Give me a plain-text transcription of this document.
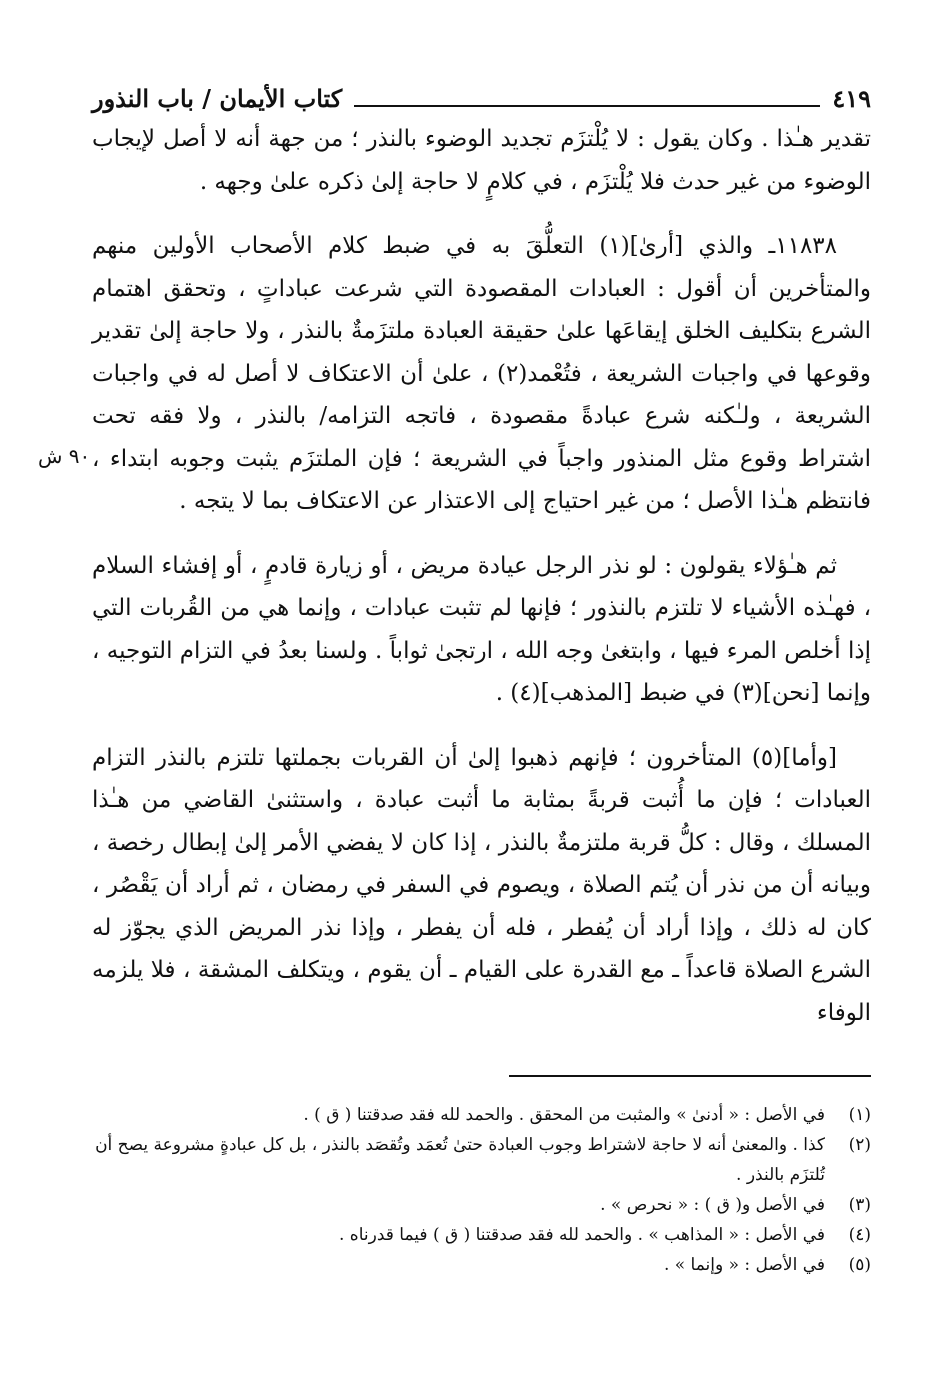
كتاب الأيمان / باب النذور	٤١٩

تقدير هـٰذا . وكان يقول : لا يُلْتزَم تجديد الوضوء بالنذر ؛ من جهة أنه لا أصل لإيجاب الوضوء من غير حدث فلا يُلْتزَم ، في كلامٍ لا حاجة إلىٰ ذكره علىٰ وجهه .

١١٨٣٨ـ والذي [أرىٰ](١) التعلُّقَ به في ضبط كلام الأصحاب الأولين منهم والمتأخرين أن أقول : العبادات المقصودة التي شرعت عباداتٍ ، وتحقق اهتمام الشرع بتكليف الخلق إيقاعَها علىٰ حقيقة العبادة ملتزَمةٌ بالنذر ، ولا حاجة إلىٰ تقدير وقوعها في واجبات الشريعة ، فتُعْمد(٢) ، علىٰ أن الاعتكاف لا أصل له في واجبات الشريعة ، ولـٰكنه شرع عبادةً مقصودة ، فاتجه التزامه/ بالنذر ، ولا فقه تحت اشتراط وقوع مثل المنذور واجباً في الشريعة ؛ فإن الملتزَم يثبت وجوبه ابتداء ، فانتظم هـٰذا الأصل ؛ من غير احتياج إلى الاعتذار عن الاعتكاف بما لا يتجه .

ثم هـٰؤلاء يقولون : لو نذر الرجل عيادة مريض ، أو زيارة قادمٍ ، أو إفشاء السلام ، فهـٰذه الأشياء لا تلتزم بالنذور ؛ فإنها لم تثبت عبادات ، وإنما هي من القُربات التي إذا أخلص المرء فيها ، وابتغىٰ وجه الله ، ارتجىٰ ثواباً . ولسنا بعدُ في التزام التوجيه ، وإنما [نحن](٣) في ضبط [المذهب](٤) .

[وأما](٥) المتأخرون ؛ فإنهم ذهبوا إلىٰ أن القربات بجملتها تلتزم بالنذر التزام العبادات ؛ فإن ما أُثبت قربةً بمثابة ما أثبت عبادة ، واستثنىٰ القاضي من هـٰذا المسلك ، وقال : كلُّ قربة ملتزمةٌ بالنذر ، إذا كان لا يفضي الأمر إلىٰ إبطال رخصة ، وبيانه أن من نذر أن يُتم الصلاة ، ويصوم في السفر في رمضان ، ثم أراد أن يَقْصُر ، كان له ذلك ، وإذا أراد أن يُفطر ، فله أن يفطر ، وإذا نذر المريض الذي يجوّز له الشرع الصلاة قاعداً ـ مع القدرة على القيام ـ أن يقوم ، ويتكلف المشقة ، فلا يلزمه الوفاء

٩٠ ش
(١)
في الأصل : « أدنىٰ » والمثبت من المحقق . والحمد لله فقد صدقتنا ( ق ) .
(٢)
كذا . والمعنىٰ أنه لا حاجة لاشتراط وجوب العبادة حتىٰ تُعمَد وتُقصَد بالنذر ، بل كل عبادةٍ مشروعة يصح أن تُلتزَم بالنذر .
(٣)
في الأصل و( ق ) : « نحرص » .
(٤)
في الأصل : « المذاهب » . والحمد لله فقد صدقتنا ( ق ) فيما قدرناه .
(٥)
في الأصل : « وإنما » .
